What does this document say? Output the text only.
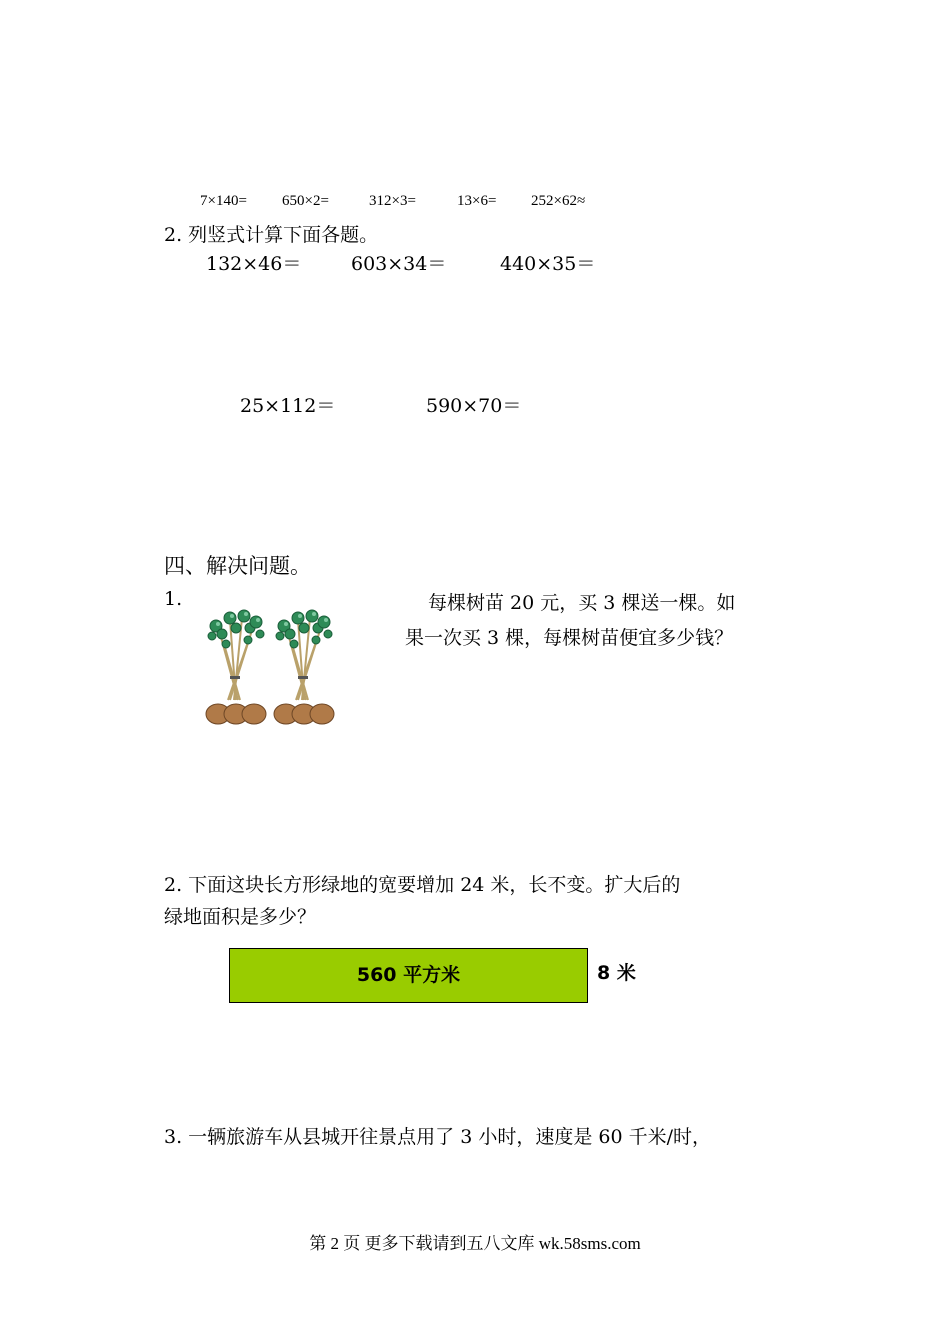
7×140= 650×2=	312×3=	13×6= 252×62≈
2. 列竖式计算下面各题。
132×46＝	603×34＝	440×35＝
25×112＝	590×70＝
四、解决问题。
1.	每棵树苗 20 元，买 3 棵送一棵。如
果一次买 3 棵，每棵树苗便宜多少钱？
2. 下面这块长方形绿地的宽要增加 24 米，长不变。扩大后的
绿地面积是多少？
560 平方米	8 米
3. 一辆旅游车从县城开往景点用了 3 小时，速度是 60 千米/时，
第 2 页 更多下载请到五八文库 wk.58sms.com
